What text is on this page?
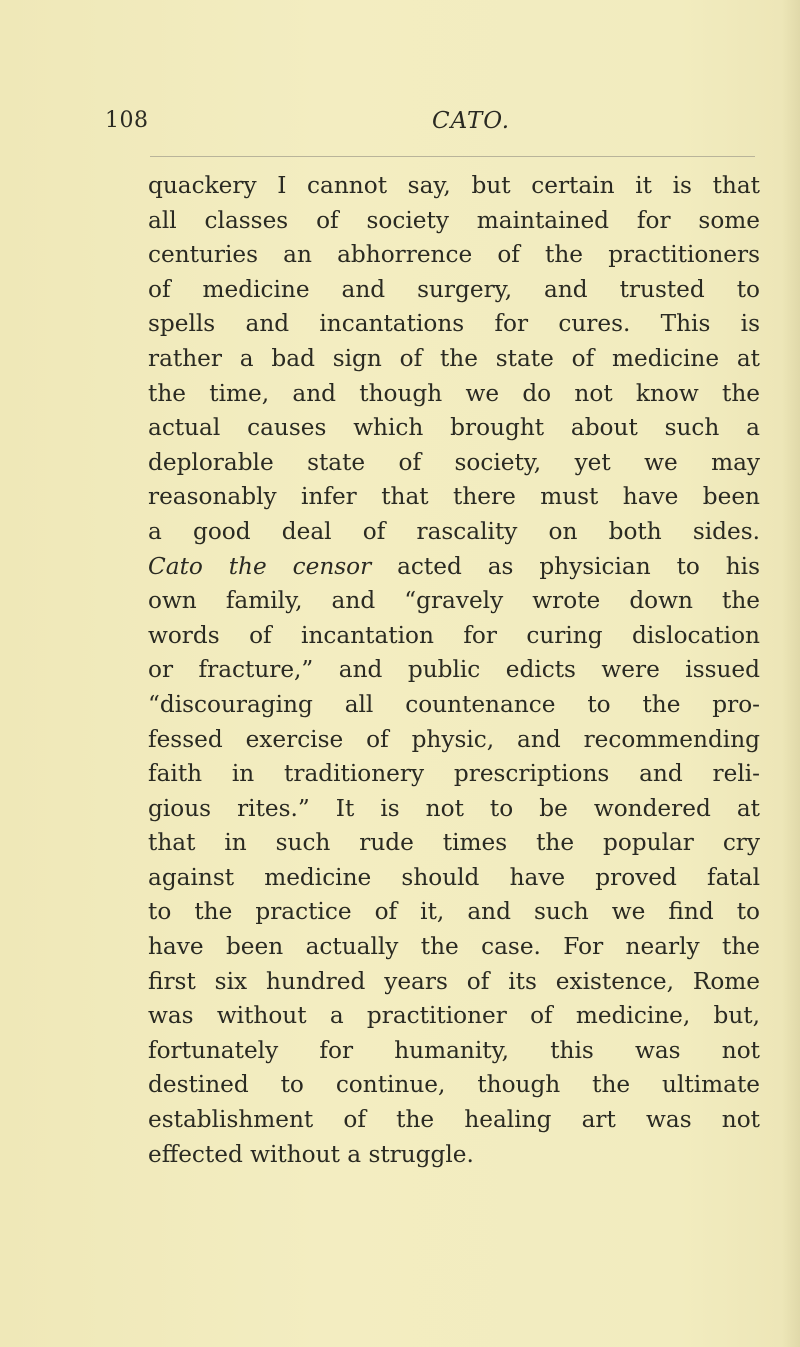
108	CATO.
quackery I cannot say, but certain it is that
all classes of society maintained for some
centuries an abhorrence of the practitioners
of medicine and surgery, and trusted to
spells and incantations for cures. This is
rather a bad sign of the state of medicine at
the time, and though we do not know the
actual causes which brought about such a
deplorable state of society, yet we may
reasonably infer that there must have been
a good deal of rascality on both sides.
Cato the censor acted as physician to his
own family, and “gravely wrote down the
words of incantation for curing dislocation
or fracture,” and public edicts were issued
“discouraging all countenance to the pro-
fessed exercise of physic, and recommending
faith in traditionery prescriptions and reli-
gious rites.” It is not to be wondered at
that in such rude times the popular cry
against medicine should have proved fatal
to the practice of it, and such we find to
have been actually the case. For nearly the
first six hundred years of its existence, Rome
was without a practitioner of medicine, but,
fortunately for humanity, this was not
destined to continue, though the ultimate
establishment of the healing art was not
effected without a struggle.
